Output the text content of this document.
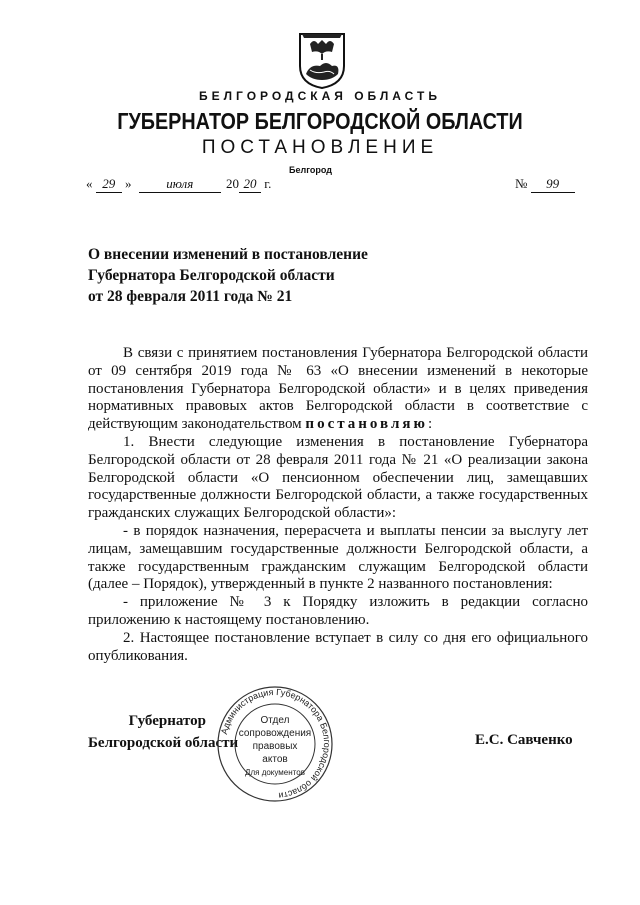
БЕЛГОРОДСКАЯ ОБЛАСТЬ
ГУБЕРНАТОР БЕЛГОРОДСКОЙ ОБЛАСТИ
ПОСТАНОВЛЕНИЕ
Белгород
« 29 »	июля	20 20 г.	№ 99
О внесении изменений в постановление
Губернатора Белгородской области
от 28 февраля 2011 года № 21

В связи с принятием постановления Губернатора Белгородской области от 09 сентября 2019 года № 63 «О внесении изменений в некоторые постановления Губернатора Белгородской области» и в целях приведения нормативных правовых актов Белгородской области в соответствие с действующим законодательством постановляю:

1. Внести следующие изменения в постановление Губернатора Белгородской области от 28 февраля 2011 года № 21 «О реализации закона Белгородской области «О пенсионном обеспечении лиц, замещавших государственные должности Белгородской области, а также государственных гражданских служащих Белгородской области»:

- в порядок назначения, перерасчета и выплаты пенсии за выслугу лет лицам, замещавшим государственные должности Белгородской области, а также государственным гражданским служащим Белгородской области (далее – Порядок), утвержденный в пункте 2 названного постановления:

- приложение № 3 к Порядку изложить в редакции согласно приложению к настоящему постановлению.

2. Настоящее постановление вступает в силу со дня его официального опубликования.

Губернатор
Белгородской области	Е.С. Савченко
Администрация Губернатора Белгородской области
Отдел
сопровождения
правовых
актов
Для документов
